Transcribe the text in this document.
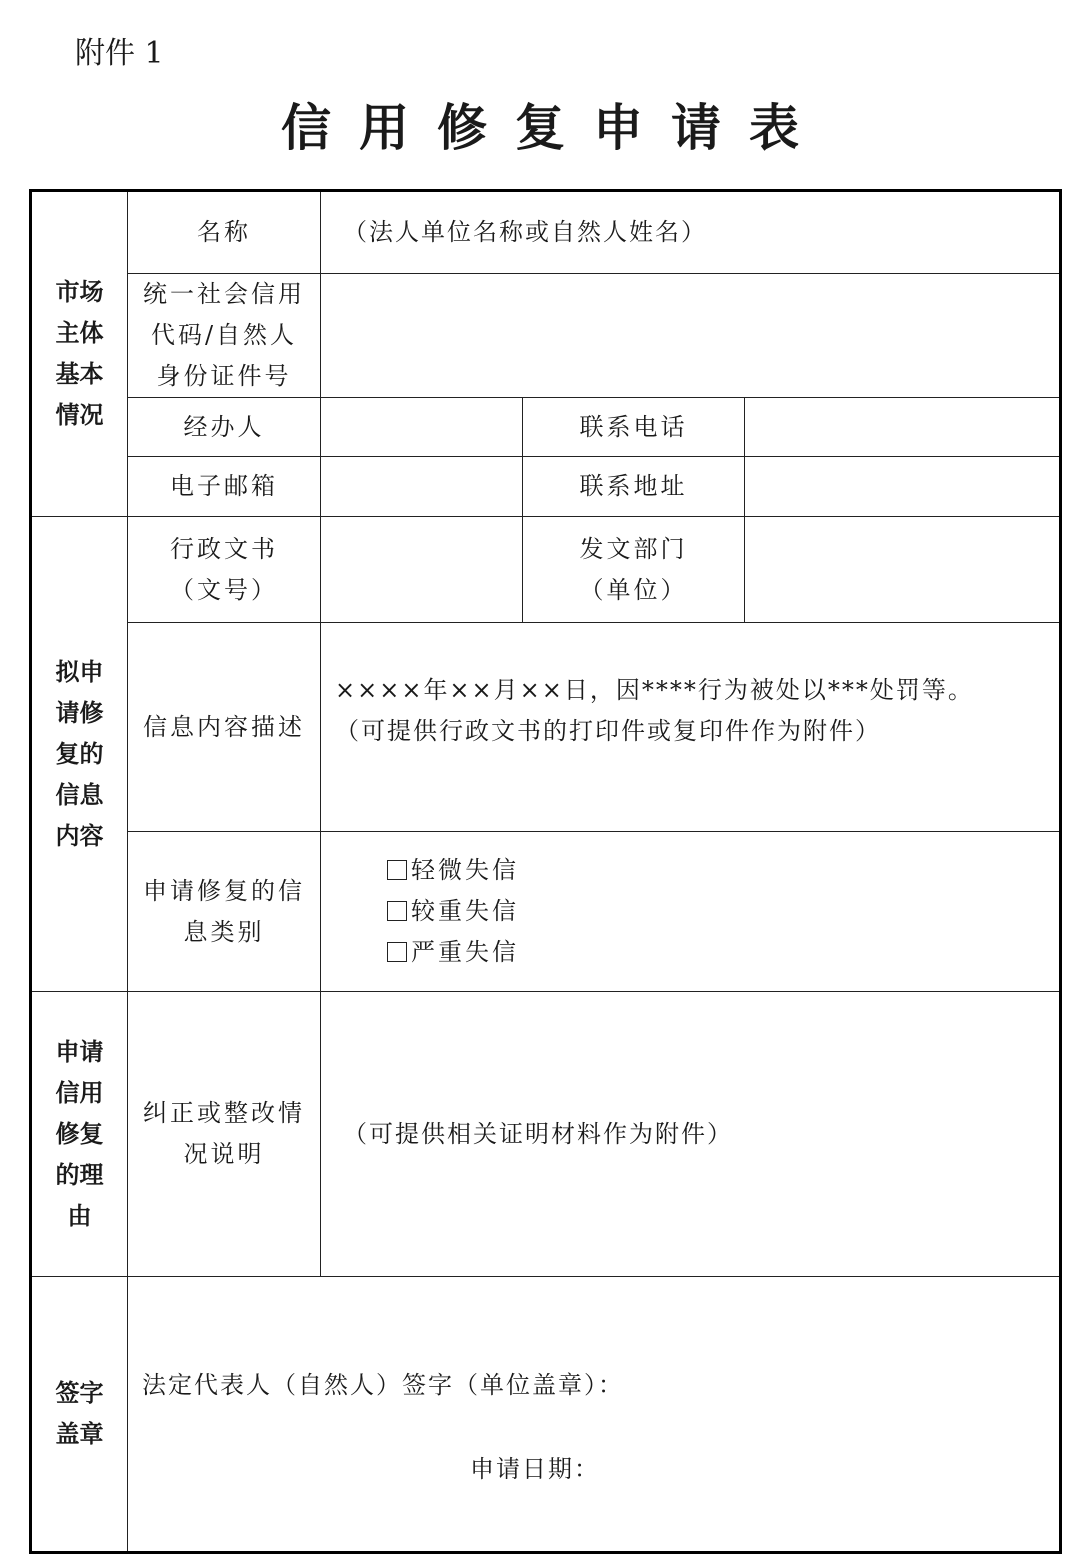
附件 1
信用修复申请表
市场主体基本情况	名称	（法人单位名称或自然人姓名）		

	统一社会信用代码/自然人身份证件号			
	经办人		联系电话	
	电子邮箱		联系地址	
拟申请修复的信息内容	行政文书（文号）		发文部门（单位）	
	信息内容描述	××××年××月××日，因****行为被处以***处罚等。
（可提供行政文书的打印件或复印件作为附件）		

	申请修复的信息类别	轻微失信
较重失信
严重失信		

申请信用修复的理由	纠正或整改情况说明	（可提供相关证明材料作为附件）		

签字盖章	法定代表人（自然人）签字（单位盖章）：
申请日期：			
